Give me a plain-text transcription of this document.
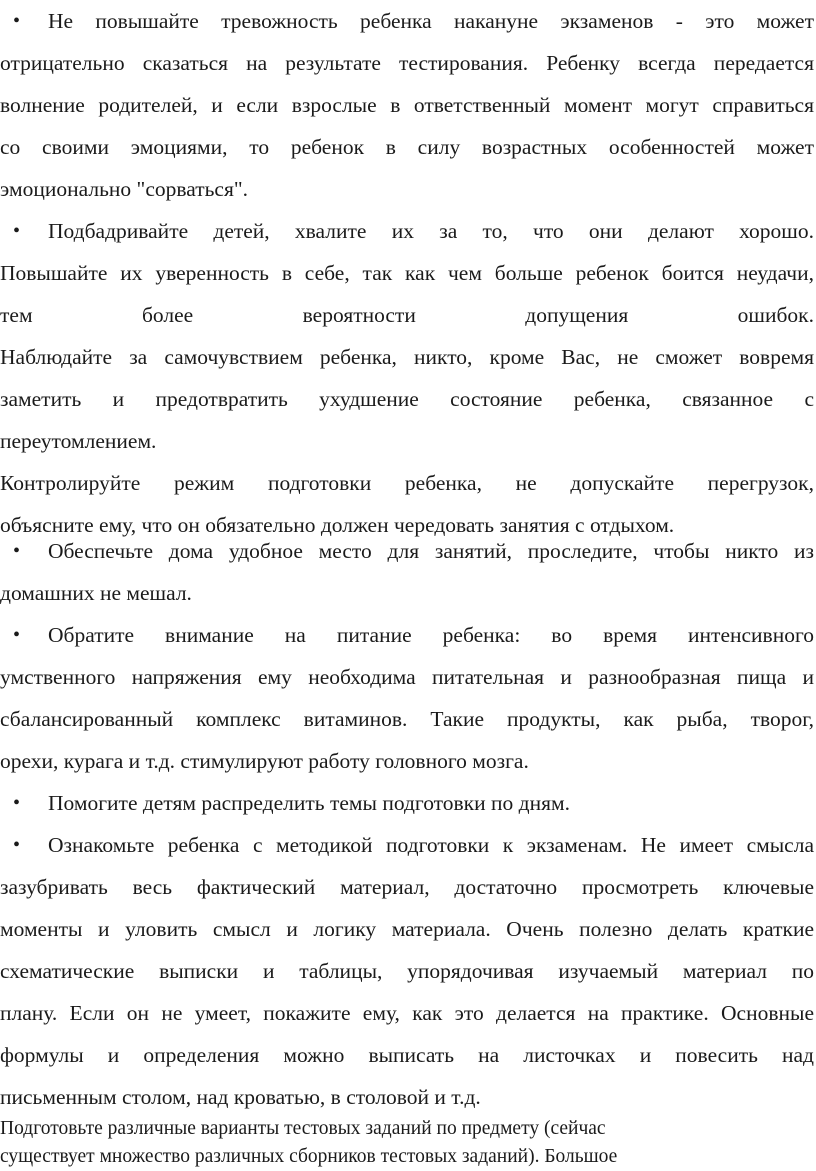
• Не повышайте тревожность ребенка накануне экзаменов - это может
отрицательно сказаться на результате тестирования. Ребенку всегда передается
волнение родителей, и если взрослые в ответственный момент могут справиться
со своими эмоциями, то ребенок в силу возрастных особенностей может
эмоционально "сорваться".
• Подбадривайте детей, хвалите их за то, что они делают хорошо.
Повышайте их уверенность в себе, так как чем больше ребенок боится неудачи,
тем более вероятности допущения ошибок.
Наблюдайте за самочувствием ребенка, никто, кроме Вас, не сможет вовремя
заметить и предотвратить ухудшение состояние ребенка, связанное с
переутомлением.
Контролируйте режим подготовки ребенка, не допускайте перегрузок,
объясните ему, что он обязательно должен чередовать занятия с отдыхом.
• Обеспечьте дома удобное место для занятий, проследите, чтобы никто из
домашних не мешал.
• Обратите внимание на питание ребенка: во время интенсивного
умственного напряжения ему необходима питательная и разнообразная пища и
сбалансированный комплекс витаминов. Такие продукты, как рыба, творог,
орехи, курага и т.д. стимулируют работу головного мозга.
• Помогите детям распределить темы подготовки по дням.
• Ознакомьте ребенка с методикой подготовки к экзаменам. Не имеет смысла
зазубривать весь фактический материал, достаточно просмотреть ключевые
моменты и уловить смысл и логику материала. Очень полезно делать краткие
схематические выписки и таблицы, упорядочивая изучаемый материал по
плану. Если он не умеет, покажите ему, как это делается на практике. Основные
формулы и определения можно выписать на листочках и повесить над
письменным столом, над кроватью, в столовой и т.д.
Подготовьте различные варианты тестовых заданий по предмету (сейчас
существует множество различных сборников тестовых заданий). Большое
